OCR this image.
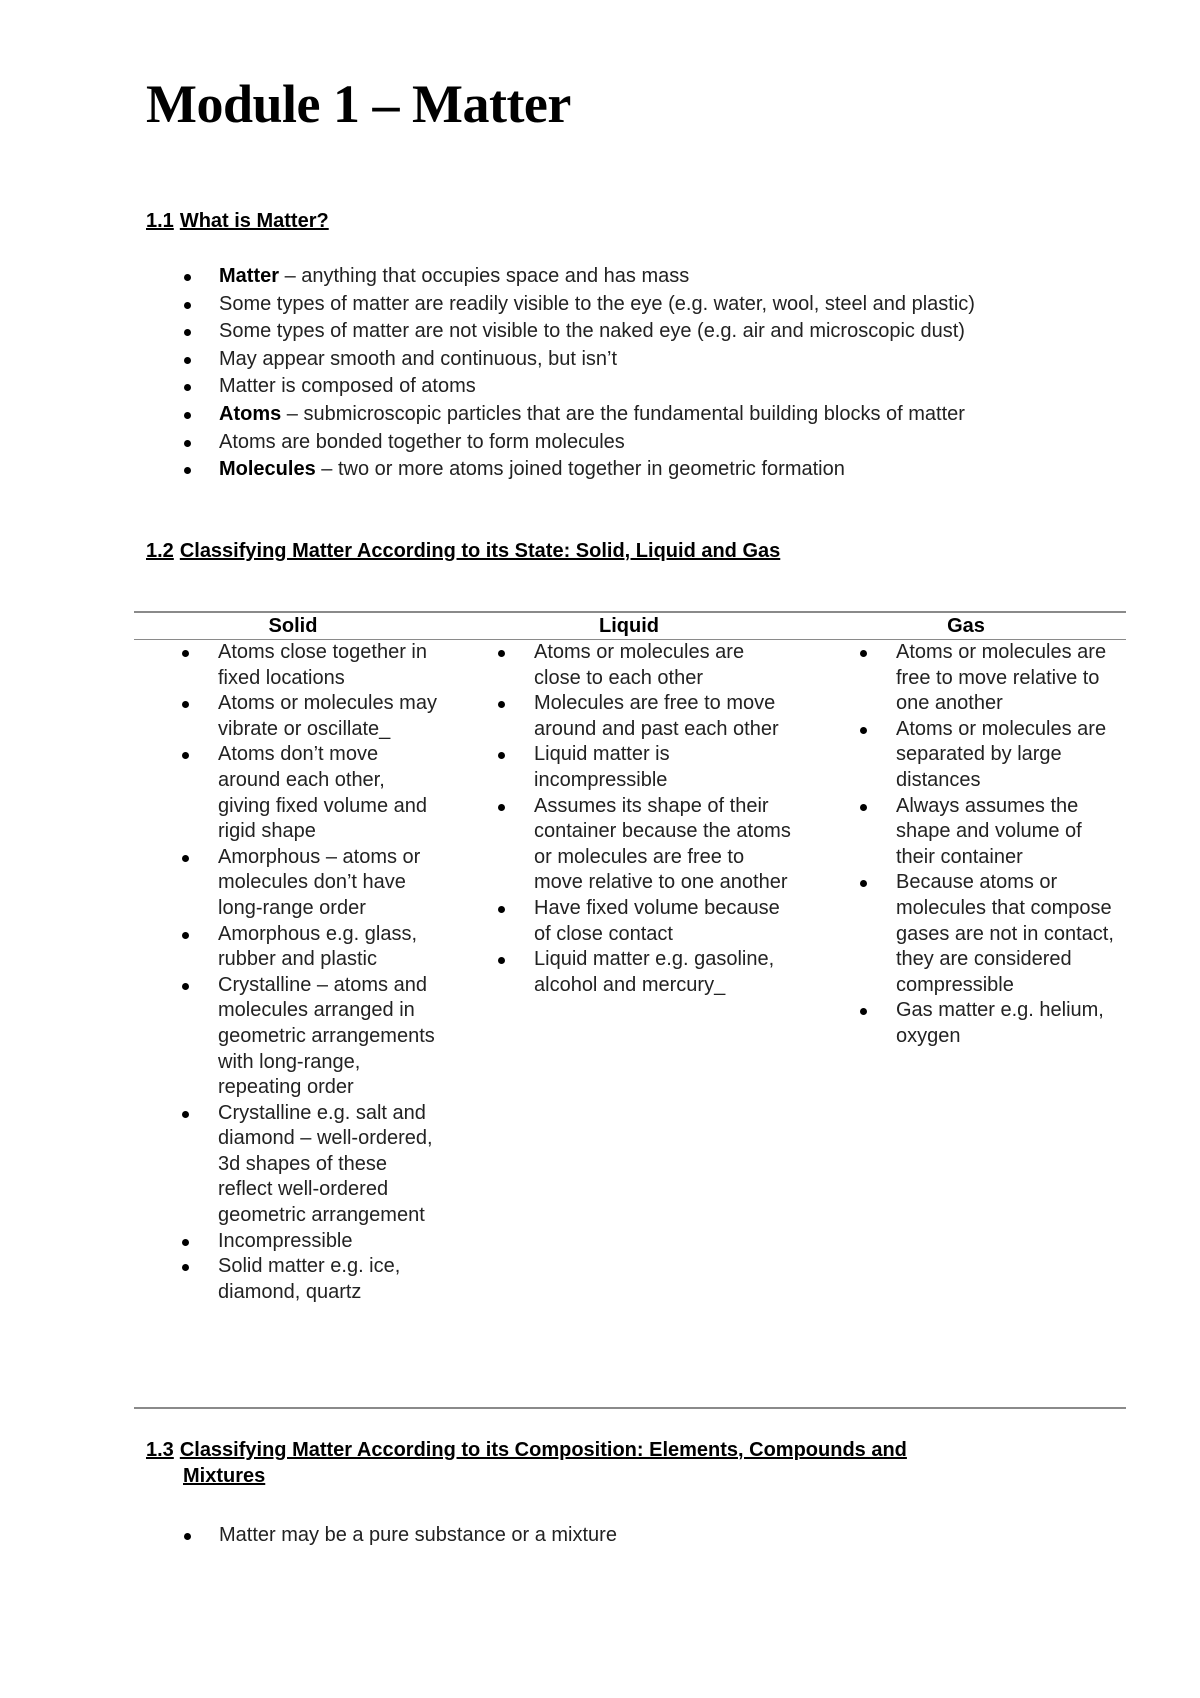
Module 1 – Matter
1.1 What is Matter?
Matter – anything that occupies space and has mass
Some types of matter are readily visible to the eye (e.g. water, wool, steel and plastic)
Some types of matter are not visible to the naked eye (e.g. air and microscopic dust)
May appear smooth and continuous, but isn’t
Matter is composed of atoms
Atoms – submicroscopic particles that are the fundamental building blocks of matter
Atoms are bonded together to form molecules
Molecules – two or more atoms joined together in geometric formation
1.2 Classifying Matter According to its State: Solid, Liquid and Gas
Solid	Liquid	Gas
Atoms close together in fixed locations
Atoms or molecules may vibrate or oscillate_
Atoms don’t move around each other, giving fixed volume and rigid shape
Amorphous – atoms or molecules don’t have long-range order
Amorphous e.g. glass, rubber and plastic
Crystalline – atoms and molecules arranged in geometric arrangements with long-range, repeating order
Crystalline e.g. salt and diamond – well-ordered, 3d shapes of these reflect well-ordered geometric arrangement
Incompressible
Solid matter e.g. ice, diamond, quartz
Atoms or molecules are close to each other
Molecules are free to move around and past each other
Liquid matter is incompressible
Assumes its shape of their container because the atoms or molecules are free to move relative to one another
Have fixed volume because of close contact
Liquid matter e.g. gasoline, alcohol and mercury_
Atoms or molecules are free to move relative to one another
Atoms or molecules are separated by large distances
Always assumes the shape and volume of their container
Because atoms or molecules that compose gases are not in contact, they are considered compressible
Gas matter e.g. helium, oxygen
1.3 Classifying Matter According to its Composition: Elements, Compounds and
Mixtures
Matter may be a pure substance or a mixture
